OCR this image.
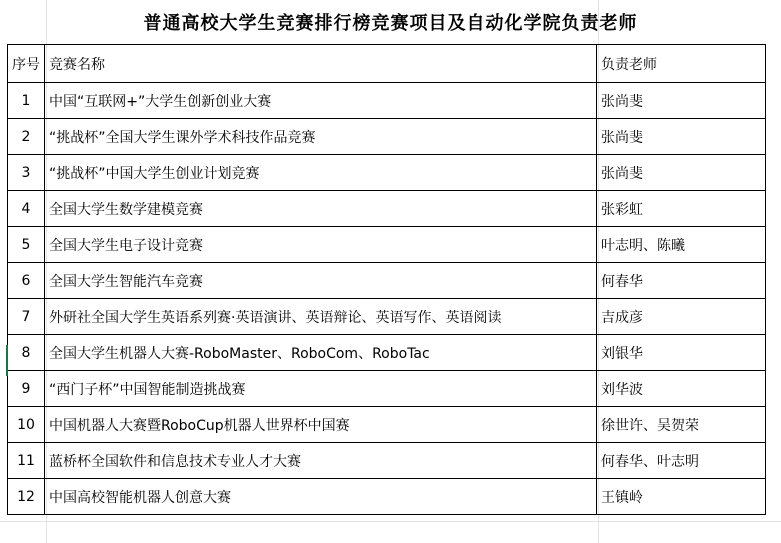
普通高校大学生竞赛排行榜竞赛项目及自动化学院负责老师
序号	竞赛名称	负责老师
1	中国“互联网+”大学生创新创业大赛	张尚斐
2	“挑战杯”全国大学生课外学术科技作品竞赛	张尚斐
3	“挑战杯”中国大学生创业计划竞赛	张尚斐
4	全国大学生数学建模竞赛	张彩虹
5	全国大学生电子设计竞赛	叶志明、陈曦
6	全国大学生智能汽车竞赛	何春华
7	外研社全国大学生英语系列赛·英语演讲、英语辩论、英语写作、英语阅读	吉成彦
8	全国大学生机器人大赛-RoboMaster、RoboCom、RoboTac	刘银华
9	“西门子杯”中国智能制造挑战赛	刘华波
10	中国机器人大赛暨RoboCup机器人世界杯中国赛	徐世许、吴贺荣
11	蓝桥杯全国软件和信息技术专业人才大赛	何春华、叶志明
12	中国高校智能机器人创意大赛	王镇岭
